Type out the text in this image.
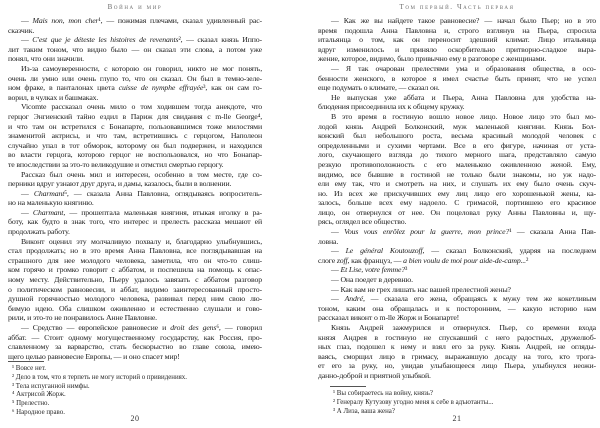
Война и мир
— Mais non, mon cher¹, — пожимая плечами, сказал удивленный рас-
сказчик.
— C'est que je déteste les histoires de revenants², — сказал князь Иппо-
лит таким тоном, что видно было — он сказал эти слова, а потом уже
понял, что они значили.
Из-за самоуверенности, с которою он говорил, никто не мог понять,
очень ли умно или очень глупо то, что он сказал. Он был в темно-зеле-
ном фраке, в панталонах цвета cuisse de nymphe effrayée³, как он сам го-
ворил, в чулках и башмаках.
Vicomte рассказал очень мило о том ходившем тогда анекдоте, что
герцог Энгиенский тайно ездил в Париж для свидания с m-lle George⁴,
и что там он встретился с Бонапарте, пользовавшимся тоже милостями
знаменитой актрисы, и что там, встретившись с герцогом, Наполеон
случайно упал в тот обморок, которому он был подвержен, и находился
во власти герцога, которою герцог не воспользовался, но что Бонапар-
те впоследствии за это-то великодушие и отмстил смертью герцогу.
Рассказ был очень мил и интересен, особенно в том месте, где со-
перники вдруг узнают друг друга, и дамы, казалось, были в волнении.
— Charmant⁵, — сказала Анна Павловна, оглядываясь вопроситель-
но на маленькую княгиню.
— Charmant, — прошептала маленькая княгиня, втыкая иголку в ра-
боту, как будто в знак того, что интерес и прелесть рассказа мешают ей
продолжать работу.
Виконт оценил эту молчаливую похвалу и, благодарно улыбнувшись,
стал продолжать; но в это время Анна Павловна, все поглядывавшая на
страшного для нее молодого человека, заметила, что он что-то слиш-
ком горячо и громко говорит с аббатом, и поспешила на помощь к опас-
ному месту. Действительно, Пьеру удалось завязать с аббатом разговор
о политическом равновесии, и аббат, видимо заинтересованный просто-
душной горячностью молодого человека, развивал перед ним свою лю-
бимую идею. Оба слишком оживленно и естественно слушали и гово-
рили, и это-то не понравилось Анне Павловне.
— Средство — европейское равновесие и droit des gens⁶, — говорил
аббат. — Стоит одному могущественному государству, как Россия, про-
славленному за варварство, стать бескорыстно во главе союза, имею-
щего целью равновесие Европы, — и оно спасет мир!
¹ Вовсе нет.
² Дело в том, что я терпеть не могу историй о привидениях.
³ Тела испуганной нимфы.
⁴ Актрисой Жорж.
⁵ Прелестно.
⁶ Народное право.
20
Том первый. Часть первая
— Как же вы найдете такое равновесие? — начал было Пьер; но в это
время подошла Анна Павловна и, строго взглянув на Пьера, спросила
итальянца о том, как он переносит здешний климат. Лицо итальянца
вдруг изменилось и приняло оскорбительно притворно-сладкое выра-
жение, которое, видимо, было привычно ему в разговоре с женщинами.
— Я так очарован прелестями ума и образования общества, в осо-
бенности женского, в которое я имел счастье быть принят, что не успел
еще подумать о климате, — сказал он.
Не выпуская уже аббата и Пьера, Анна Павловна для удобства на-
блюдения присоединила их к общему кружку.
В это время в гостиную вошло новое лицо. Новое лицо это был мо-
лодой князь Андрей Болконский, муж маленькой княгини. Князь Бол-
конский был небольшого роста, весьма красивый молодой человек с
определенными и сухими чертами. Все в его фигуре, начиная от уста-
лого, скучающего взгляда до тихого мерного шага, представляло самую
резкую противоположность с его маленькою оживленною женой. Ему,
видимо, все бывшие в гостиной не только были знакомы, но уж надо-
ели ему так, что и смотреть на них, и слушать их ему было очень скуч-
но. Из всех же прискучивших ему лиц лицо его хорошенькой жены, ка-
залось, больше всех ему надоело. С гримасой, портившею его красивое
лицо, он отвернулся от нее. Он поцеловал руку Анны Павловны и, щу-
рясь, оглядел все общество.
— Vous vous enrôlez pour la guerre, mon prince?¹ — сказала Анна Пав-
ловна.
— Le général Koutouzoff, — сказал Болконский, ударяя на последнем
слоге zoff, как француз, — a bien voulu de moi pour aide-de-camp...²
— Et Lise, votre femme?³
— Она поедет в деревню.
— Как вам не грех лишать нас вашей прелестной жены?
— André, — сказала его жена, обращаясь к мужу тем же кокетливым
тоном, каким она обращалась и к посторонним, — какую историю нам
рассказал виконт о m-lle Жорж и Бонапарте!
Князь Андрей зажмурился и отвернулся. Пьер, со времени входа
князя Андрея в гостиную не спускавший с него радостных, дружелюб-
ных глаз, подошел к нему и взял его за руку. Князь Андрей, не огляды-
ваясь, сморщил лицо в гримасу, выражавшую досаду на того, кто трога-
ет его за руку, но, увидав улыбающееся лицо Пьера, улыбнулся неожи-
данно-доброй и приятной улыбкой.
¹ Вы собираетесь на войну, князь?
² Генералу Кутузову угодно меня к себе в адъютанты...
³ А Лиза, ваша жена?
21
